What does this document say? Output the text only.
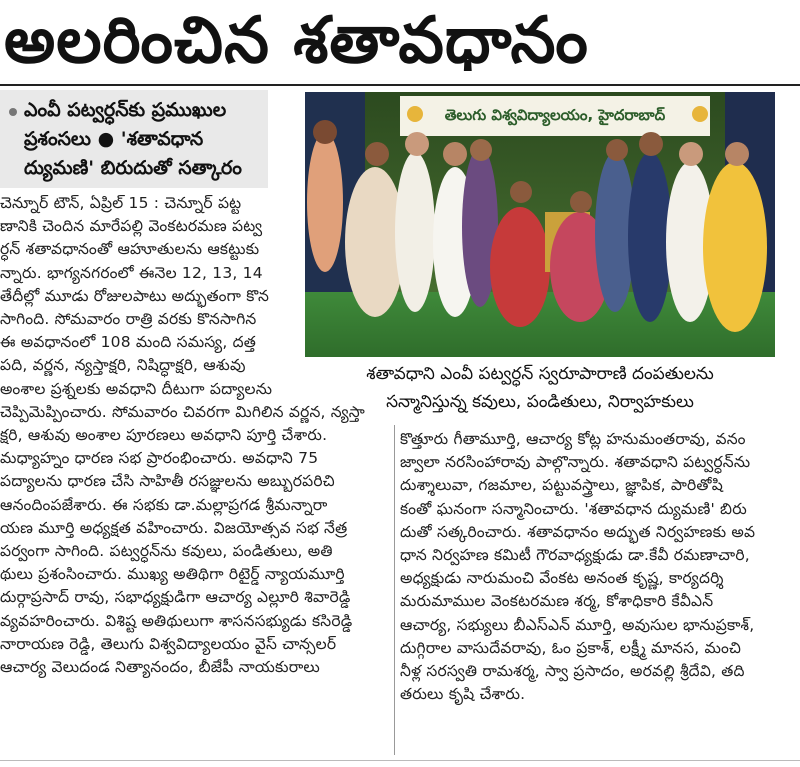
అలరించిన శతావధానం
ఎంవీ పట్వర్ధన్‌కు ప్రముఖుల
ప్రశంసలు ● 'శతావధాన
ద్యుమణి' బిరుదుతో సత్కారం
చెన్నూర్ టౌన్, ఏప్రిల్ 15 : చెన్నూర్ పట్ట
ణానికి చెందిన మారేపల్లి వెంకటరమణ పట్వ
ర్ధన్ శతావధానంతో ఆహూతులను ఆకట్టుకు
న్నారు. భాగ్యనగరంలో ఈనెల 12, 13, 14
తేదీల్లో మూడు రోజులపాటు అద్భుతంగా కొన
సాగింది. సోమవారం రాత్రి వరకు కొనసాగిన
ఈ అవధానంలో 108 మంది సమస్య, దత్త
పది, వర్ణన, న్యస్తాక్షరి, నిషిద్ధాక్షరి, ఆశువు
అంశాల ప్రశ్నలకు అవధాని దీటుగా పద్యాలను
చెప్పిమెప్పించారు. సోమవారం చివరగా మిగిలిన వర్ణన, న్యస్తా
క్షరి, ఆశువు అంశాల పూరణలు అవధాని పూర్తి చేశారు.
మధ్యాహ్నం ధారణ సభ ప్రారంభించారు. అవధాని 75
పద్యాలను ధారణ చేసి సాహితీ రసజ్ఞులను అబ్బురపరిచి
ఆనందింపజేశారు. ఈ సభకు డా.మల్లాప్రగడ శ్రీమన్నారా
యణ మూర్తి అధ్యక్షత వహించారు. విజయోత్సవ సభ నేత్ర
పర్వంగా సాగింది. పట్వర్ధన్‌ను కవులు, పండితులు, అతి
థులు ప్రశంసించారు. ముఖ్య అతిథిగా రిటైర్డ్ న్యాయమూర్తి
దుర్గాప్రసాద్ రావు, సభాధ్యక్షుడిగా ఆచార్య ఎల్లూరి శివారెడ్డి
వ్యవహరించారు. విశిష్ట అతిథులుగా శాసనసభ్యుడు కసిరెడ్డి
నారాయణ రెడ్డి, తెలుగు విశ్వవిద్యాలయం వైస్ చాన్సలర్
ఆచార్య వెలుదండ నిత్యానందం, బీజేపీ నాయకురాలు
తెలుగు విశ్వవిద్యాలయం, హైదరాబాద్
శతావధాని ఎంవీ పట్వర్ధన్ స్వరూపారాణి దంపతులను
సన్మానిస్తున్న కవులు, పండితులు, నిర్వాహకులు
కొత్తూరు గీతామూర్తి, ఆచార్య కోట్ల హనుమంతరావు, వనం
జ్వాలా నరసింహారావు పాల్గొన్నారు. శతావధాని పట్వర్ధన్‌ను
దుశ్శాలువా, గజమాల, పట్టువస్త్రాలు, జ్ఞాపిక, పారితోషి
కంతో ఘనంగా సన్మానించారు. 'శతావధాన ద్యుమణి' బిరు
దుతో సత్కరించారు. శతావధానం అద్భుత నిర్వహణకు అవ
ధాన నిర్వహణ కమిటీ గౌరవాధ్యక్షుడు డా.కేవీ రమణాచారి,
అధ్యక్షుడు నారుమంచి వేంకట అనంత కృష్ణ, కార్యదర్శి
మరుమాముల వెంకటరమణ శర్మ, కోశాధికారి కేవీఎన్
ఆచార్య, సభ్యులు బీఎస్ఎన్ మూర్తి, అవుసుల భానుప్రకాశ్,
దుగ్గిరాల వాసుదేవరావు, ఓం ప్రకాశ్, లక్ష్మీ మానస, మంచి
నీళ్ల సరస్వతి రామశర్మ, స్వా ప్రసాదం, అరవల్లి శ్రీదేవి, తది
తరులు కృషి చేశారు.
